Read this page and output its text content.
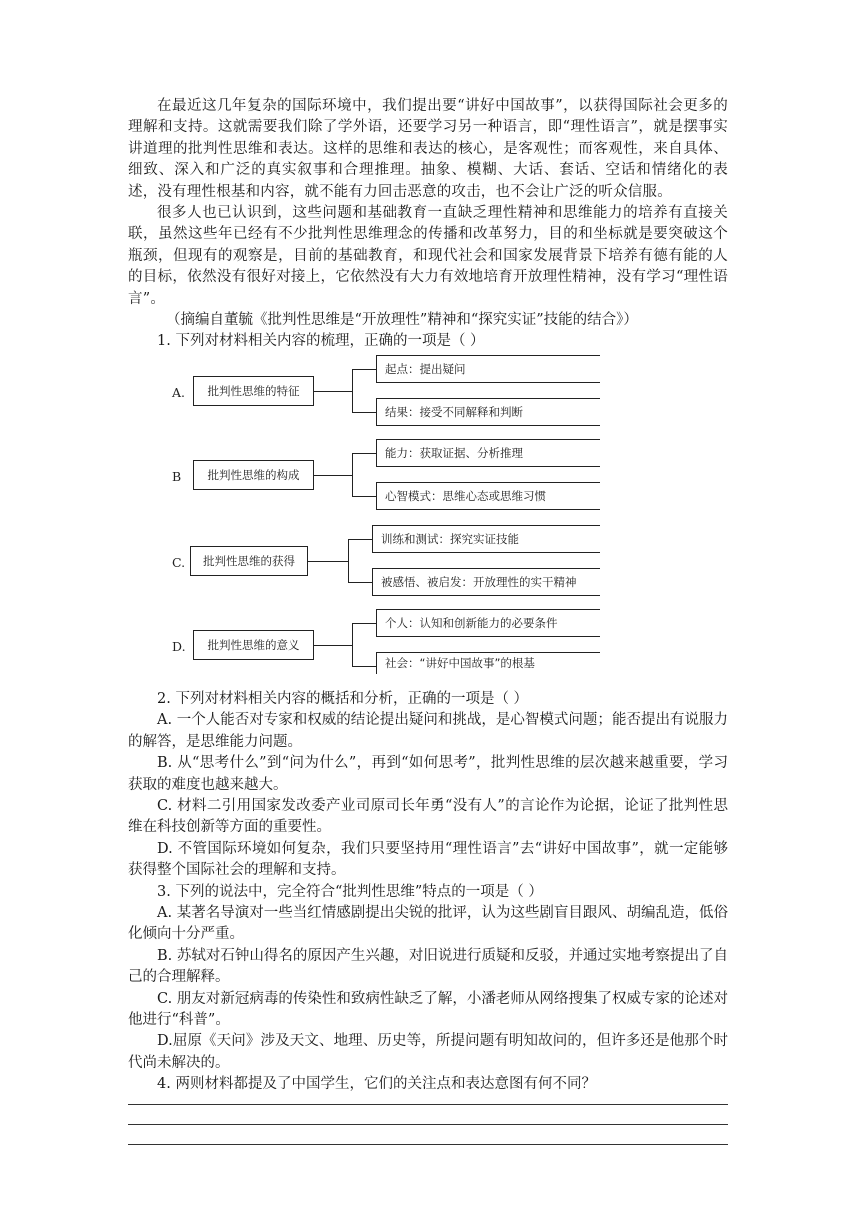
在最近这几年复杂的国际环境中，我们提出要“讲好中国故事”，以获得国际社会更多的理解和支持。这就需要我们除了学外语，还要学习另一种语言，即“理性语言”，就是摆事实讲道理的批判性思维和表达。这样的思维和表达的核心，是客观性；而客观性，来自具体、细致、深入和广泛的真实叙事和合理推理。抽象、模糊、大话、套话、空话和情绪化的表述，没有理性根基和内容，就不能有力回击恶意的攻击，也不会让广泛的听众信服。

很多人也已认识到，这些问题和基础教育一直缺乏理性精神和思维能力的培养有直接关联，虽然这些年已经有不少批判性思维理念的传播和改革努力，目的和坐标就是要突破这个瓶颈，但现有的观察是，目前的基础教育，和现代社会和国家发展背景下培养有德有能的人的目标，依然没有很好对接上，它依然没有大力有效地培育开放理性精神，没有学习“理性语言”。

（摘编自董毓《批判性思维是“开放理性”精神和“探究实证”技能的结合》）

1. 下列对材料相关内容的梳理，正确的一项是（ ）

A.	批判性思维的特征
起点：提出疑问
结果：接受不同解释和判断
B	批判性思维的构成
能力：获取证据、分析推理
心智模式：思维心态或思维习惯
C.	批判性思维的获得
训练和测试：探究实证技能
被感悟、被启发：开放理性的实干精神
D.	批判性思维的意义
个人：认知和创新能力的必要条件
社会：“讲好中国故事”的根基

2. 下列对材料相关内容的概括和分析，正确的一项是（ ）

A. 一个人能否对专家和权威的结论提出疑问和挑战，是心智模式问题；能否提出有说服力的解答，是思维能力问题。

B. 从“思考什么”到“问为什么”，再到“如何思考”，批判性思维的层次越来越重要，学习获取的难度也越来越大。

C. 材料二引用国家发改委产业司原司长年勇“没有人”的言论作为论据，论证了批判性思维在科技创新等方面的重要性。

D. 不管国际环境如何复杂，我们只要坚持用“理性语言”去“讲好中国故事”，就一定能够获得整个国际社会的理解和支持。

3. 下列的说法中，完全符合“批判性思维”特点的一项是（ ）

A. 某著名导演对一些当红情感剧提出尖锐的批评，认为这些剧盲目跟风、胡编乱造，低俗化倾向十分严重。

B. 苏轼对石钟山得名的原因产生兴趣，对旧说进行质疑和反驳，并通过实地考察提出了自己的合理解释。

C. 朋友对新冠病毒的传染性和致病性缺乏了解，小潘老师从网络搜集了权威专家的论述对他进行“科普”。

D.屈原《天问》涉及天文、地理、历史等，所提问题有明知故问的，但许多还是他那个时代尚未解决的。

4. 两则材料都提及了中国学生，它们的关注点和表达意图有何不同？
